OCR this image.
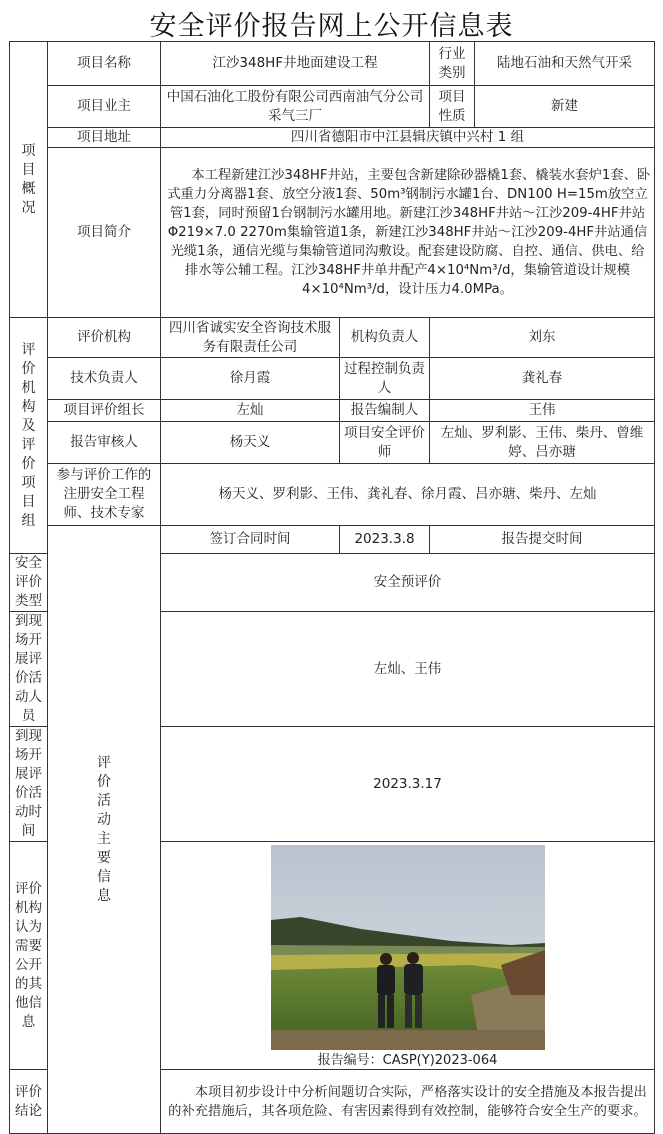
安全评价报告网上公开信息表
项目概况	项目名称	江沙348HF井地面建设工程		行业类别	陆地石油和天然气开采	
	项目业主	中国石油化工股份有限公司西南油气分公司采气三厂		项目性质	新建	
	项目地址	四川省德阳市中江县辑庆镇中兴村 1 组				
	项目简介	本工程新建江沙348HF井站，主要包含新建除砂器橇1套、橇装水套炉1套、卧式重力分离器1套、放空分液1套、50m³钢制污水罐1台、DN100 H=15m放空立管1套，同时预留1台钢制污水罐用地。新建江沙348HF井站～江沙209-4HF井站Φ219×7.0 2270m集输管道1条，新建江沙348HF井站～江沙209-4HF井站通信光缆1条，通信光缆与集输管道同沟敷设。配套建设防腐、自控、通信、供电、给排水等公辅工程。江沙348HF井单井配产4×10⁴Nm³/d，集输管道设计规模4×10⁴Nm³/d，设计压力4.0MPa。				

评价机构及评价项目组	评价机构	四川省诚实安全咨询技术服务有限责任公司	机构负责人	刘东		
	技术负责人	徐月霞	过程控制负责人	龚礼春		
	项目评价组长	左灿	报告编制人	王伟		
	报告审核人	杨天义	项目安全评价师	左灿、罗利影、王伟、柴丹、曾维婷、吕亦瑭		
	参与评价工作的注册安全工程师、技术专家	杨天义、罗利影、王伟、龚礼春、徐月霞、吕亦瑭、柴丹、左灿				

	评价活动主要信息	签订合同时间	2023.3.8	报告提交时间	
安全评价类型		安全预评价				
到现场开展评价活动人员		左灿、王伟				
到现场开展评价活动时间		2023.3.17				
评价机构认为需要公开的其他信息		报告编号：CASP(Y)2023-064				

评价结论		本项目初步设计中分析间题切合实际，严格落实设计的安全措施及本报告提出的补充措施后，其各项危险、有害因素得到有效控制，能够符合安全生产的要求。				
